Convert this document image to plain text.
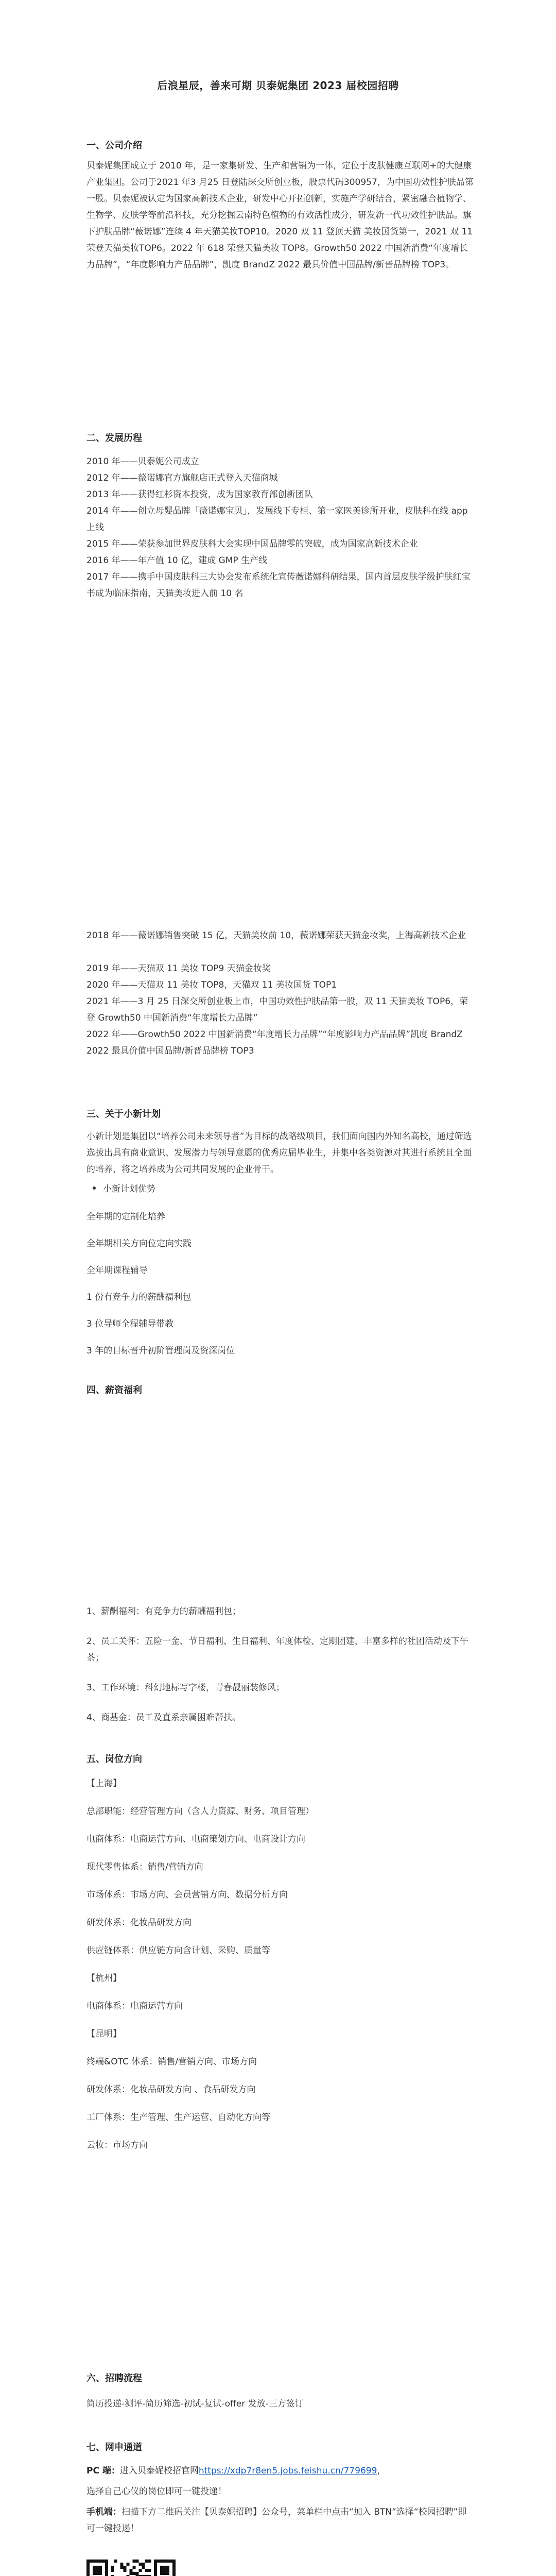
后浪星辰，善来可期 贝泰妮集团 2023 届校园招聘
一、公司介绍

贝泰妮集团成立于 2010 年，是一家集研发、生产和营销为一体，定位于皮肤健康互联网+的大健康产业集团。公司于2021 年3 月25 日登陆深交所创业板，股票代码300957，为中国功效性护肤品第一股。贝泰妮被认定为国家高新技术企业，研发中心开拓创新，实施产学研结合，紧密融合植物学、生物学、皮肤学等前沿科技，充分挖掘云南特色植物的有效活性成分，研发新一代功效性护肤品。旗下护肤品牌“薇诺娜”连续 4 年天猫美妆TOP10。2020 双 11 登顶天猫 美妆国货第一，2021 双 11 荣登天猫美妆TOP6。2022 年 618 荣登天猫美妆 TOP8。Growth50 2022 中国新消费“年度增长力品牌”，“年度影响力产品品牌”，凯度 BrandZ 2022 最具价值中国品牌/新晋品牌榜 TOP3。

二、发展历程
2010 年——贝泰妮公司成立
2012 年——薇诺娜官方旗舰店正式登入天猫商城
2013 年——获得红杉资本投资，成为国家教育部创新团队
2014 年——创立母婴品牌「薇诺娜宝贝」，发展线下专柜、第一家医美诊所开业，皮肤科在线 app 上线
2015 年——荣获参加世界皮肤科大会实现中国品牌零的突破，成为国家高新技术企业
2016 年——年产值 10 亿，建成 GMP 生产线
2017 年——携手中国皮肤科三大协会发布系统化宣传薇诺娜科研结果，国内首层皮肤学级护肤红宝书成为临床指南，天猫美妆进入前 10 名
2018 年——薇诺娜销售突破 15 亿，天猫美妆前 10，薇诺娜荣获天猫金妆奖，上海高新技术企业
2019 年——天猫双 11 美妆 TOP9 天猫金妆奖
2020 年——天猫双 11 美妆 TOP8，天猫双 11 美妆国货 TOP1
2021 年——3 月 25 日深交所创业板上市，中国功效性护肤品第一股，双 11 天猫美妆 TOP6，荣登 Growth50 中国新消费“年度增长力品牌”
2022 年——Growth50 2022 中国新消费“年度增长力品牌”“年度影响力产品品牌”凯度 BrandZ 2022 最具价值中国品牌/新晋品牌榜 TOP3
三、关于小新计划

小新计划是集团以“培养公司未来领导者”为目标的战略级项目，我们面向国内外知名高校，通过筛选选拔出具有商业意识、发展潜力与领导意愿的优秀应届毕业生，并集中各类资源对其进行系统且全面的培养，将之培养成为公司共同发展的企业骨干。

小新计划优势
全年期的定制化培养
全年期相关方向位定向实践
全年期课程辅导
1 份有竞争力的薪酬福利包
3 位导师全程辅导带教
3 年的目标晋升初阶管理岗及资深岗位
四、薪资福利
1、薪酬福利：有竞争力的薪酬福利包；
2、员工关怀：五险一金、节日福利、生日福利、年度体检、定期团建，丰富多样的社团活动及下午茶；
3、工作环境：科幻地标写字楼，青春靓丽装修风；
4、商基金：员工及直系亲属困难帮扶。
五、岗位方向
【上海】
总部职能：经营管理方向（含人力资源、财务、项目管理）
电商体系：电商运营方向、电商策划方向、电商设计方向
现代零售体系：销售/营销方向
市场体系：市场方向、会员营销方向、数据分析方向
研发体系：化妆品研发方向
供应链体系：供应链方向含计划、采购、质量等
【杭州】
电商体系：电商运营方向
【昆明】
终端&OTC 体系：销售/营销方向、市场方向
研发体系：化妆品研发方向 、食品研发方向
工厂体系：生产管理、生产运营、自动化方向等
云妆：市场方向
六、招聘流程
简历投递-测评-简历筛选-初试-复试-offer 发放-三方签订
七、网申通道
PC 端：进入贝泰妮校招官网https://xdp7r8en5.jobs.feishu.cn/779699，
选择自己心仪的岗位即可一键投递！
手机端：扫描下方二维码关注【贝泰妮招聘】公众号，菜单栏中点击“加入 BTN”选择“校园招聘”即可一键投递！
